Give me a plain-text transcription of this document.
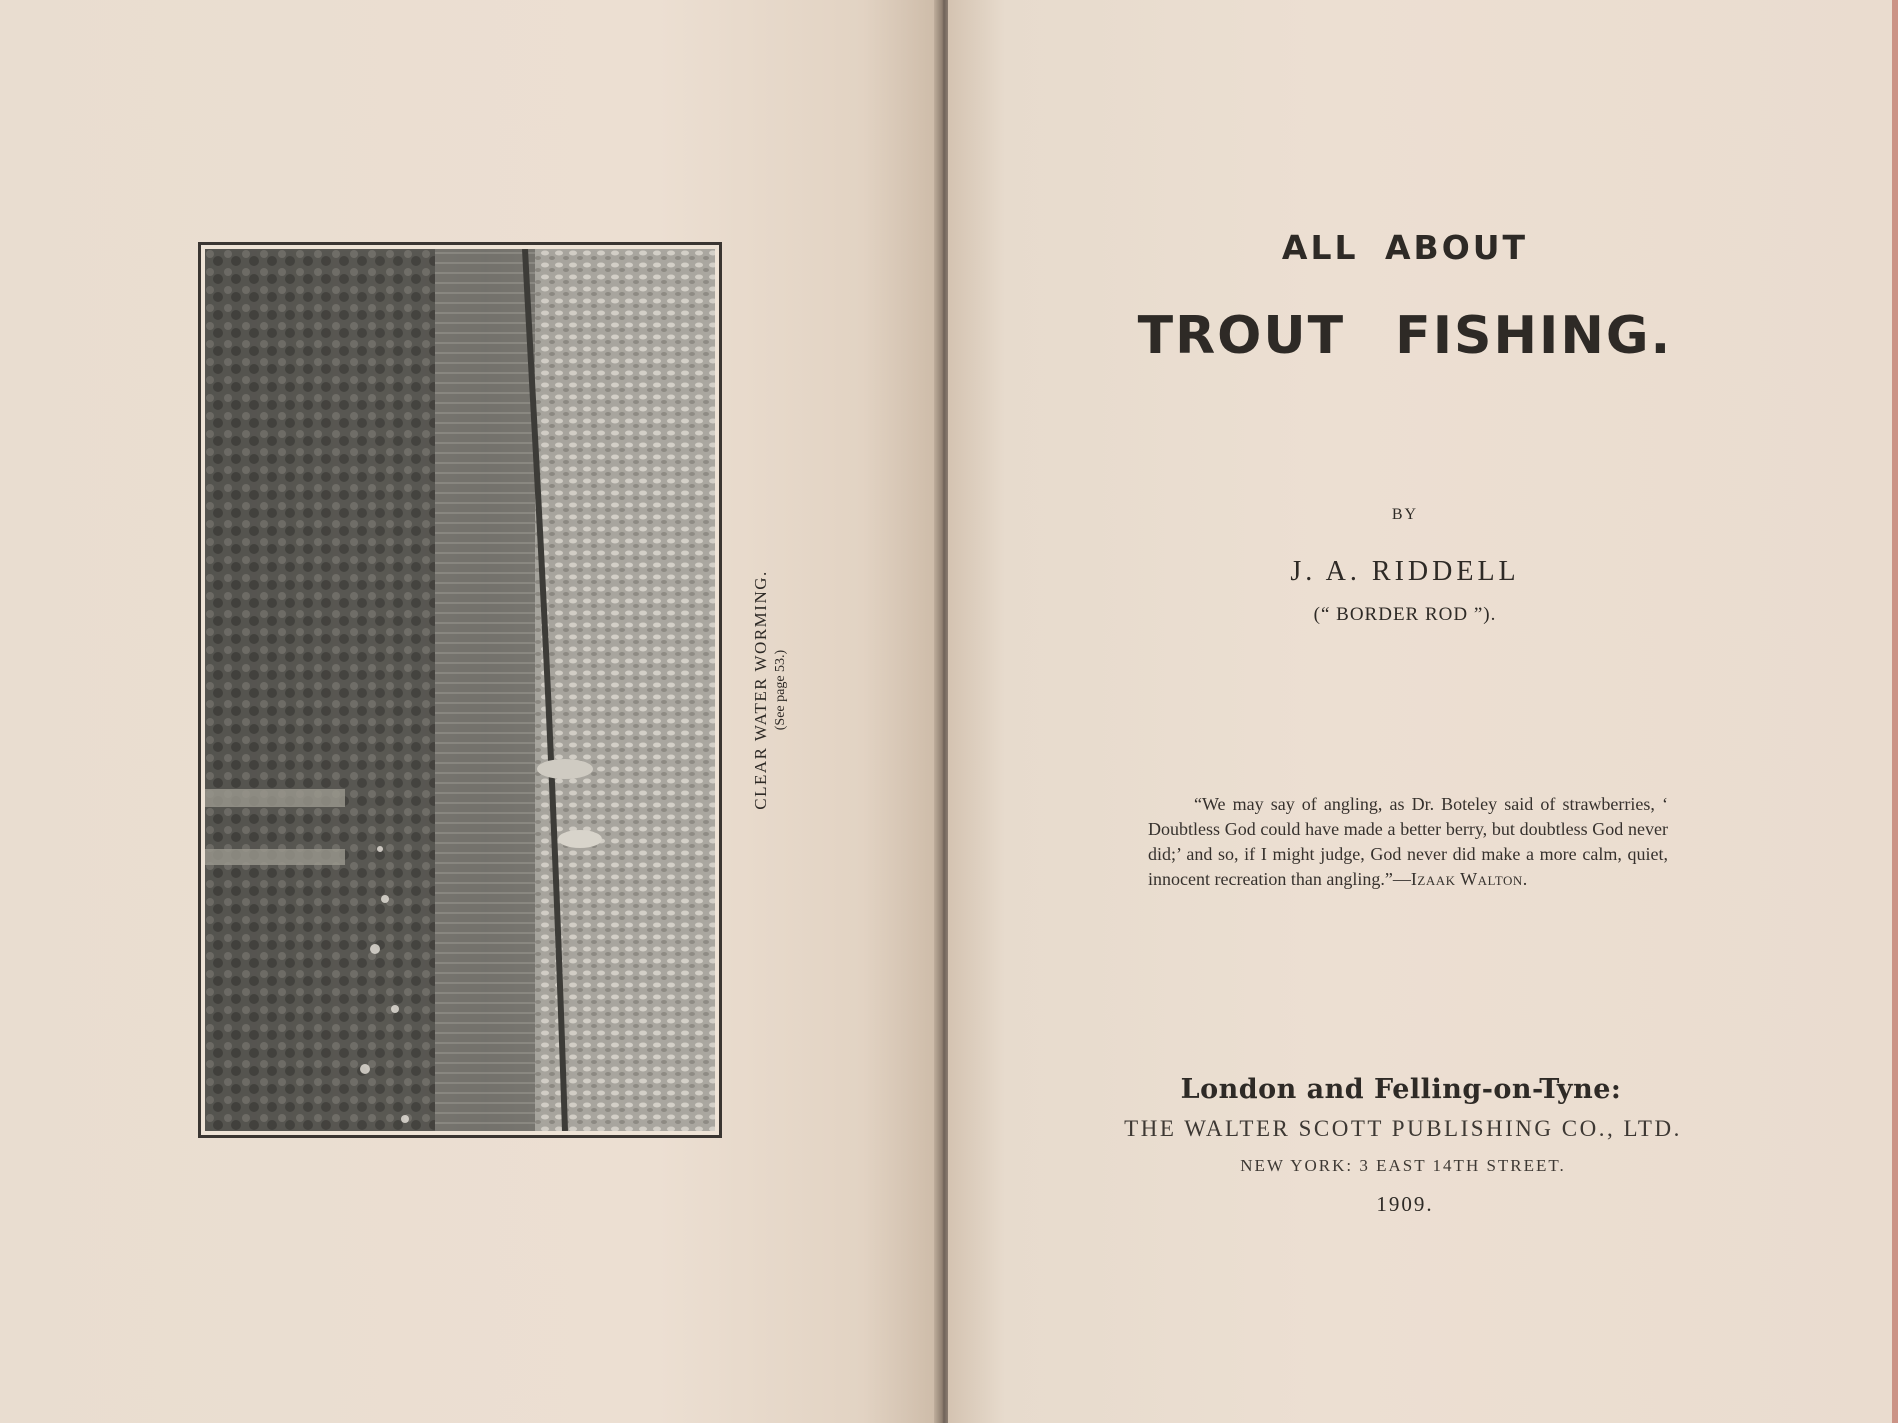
CLEAR WATER WORMING. (See page 53.)
ALL ABOUT
TROUT FISHING.
BY
J. A. RIDDELL
(“ BORDER ROD ”).
“We may say of angling, as Dr. Boteley said of strawberries, ‘ Doubtless God could have made a better berry, but doubtless God never did;’ and so, if I might judge, God never did make a more calm, quiet, innocent recreation than angling.”—Izaak Walton.
London and Felling-on-Tyne:
THE WALTER SCOTT PUBLISHING CO., LTD.
NEW YORK: 3 EAST 14TH STREET.
1909.
